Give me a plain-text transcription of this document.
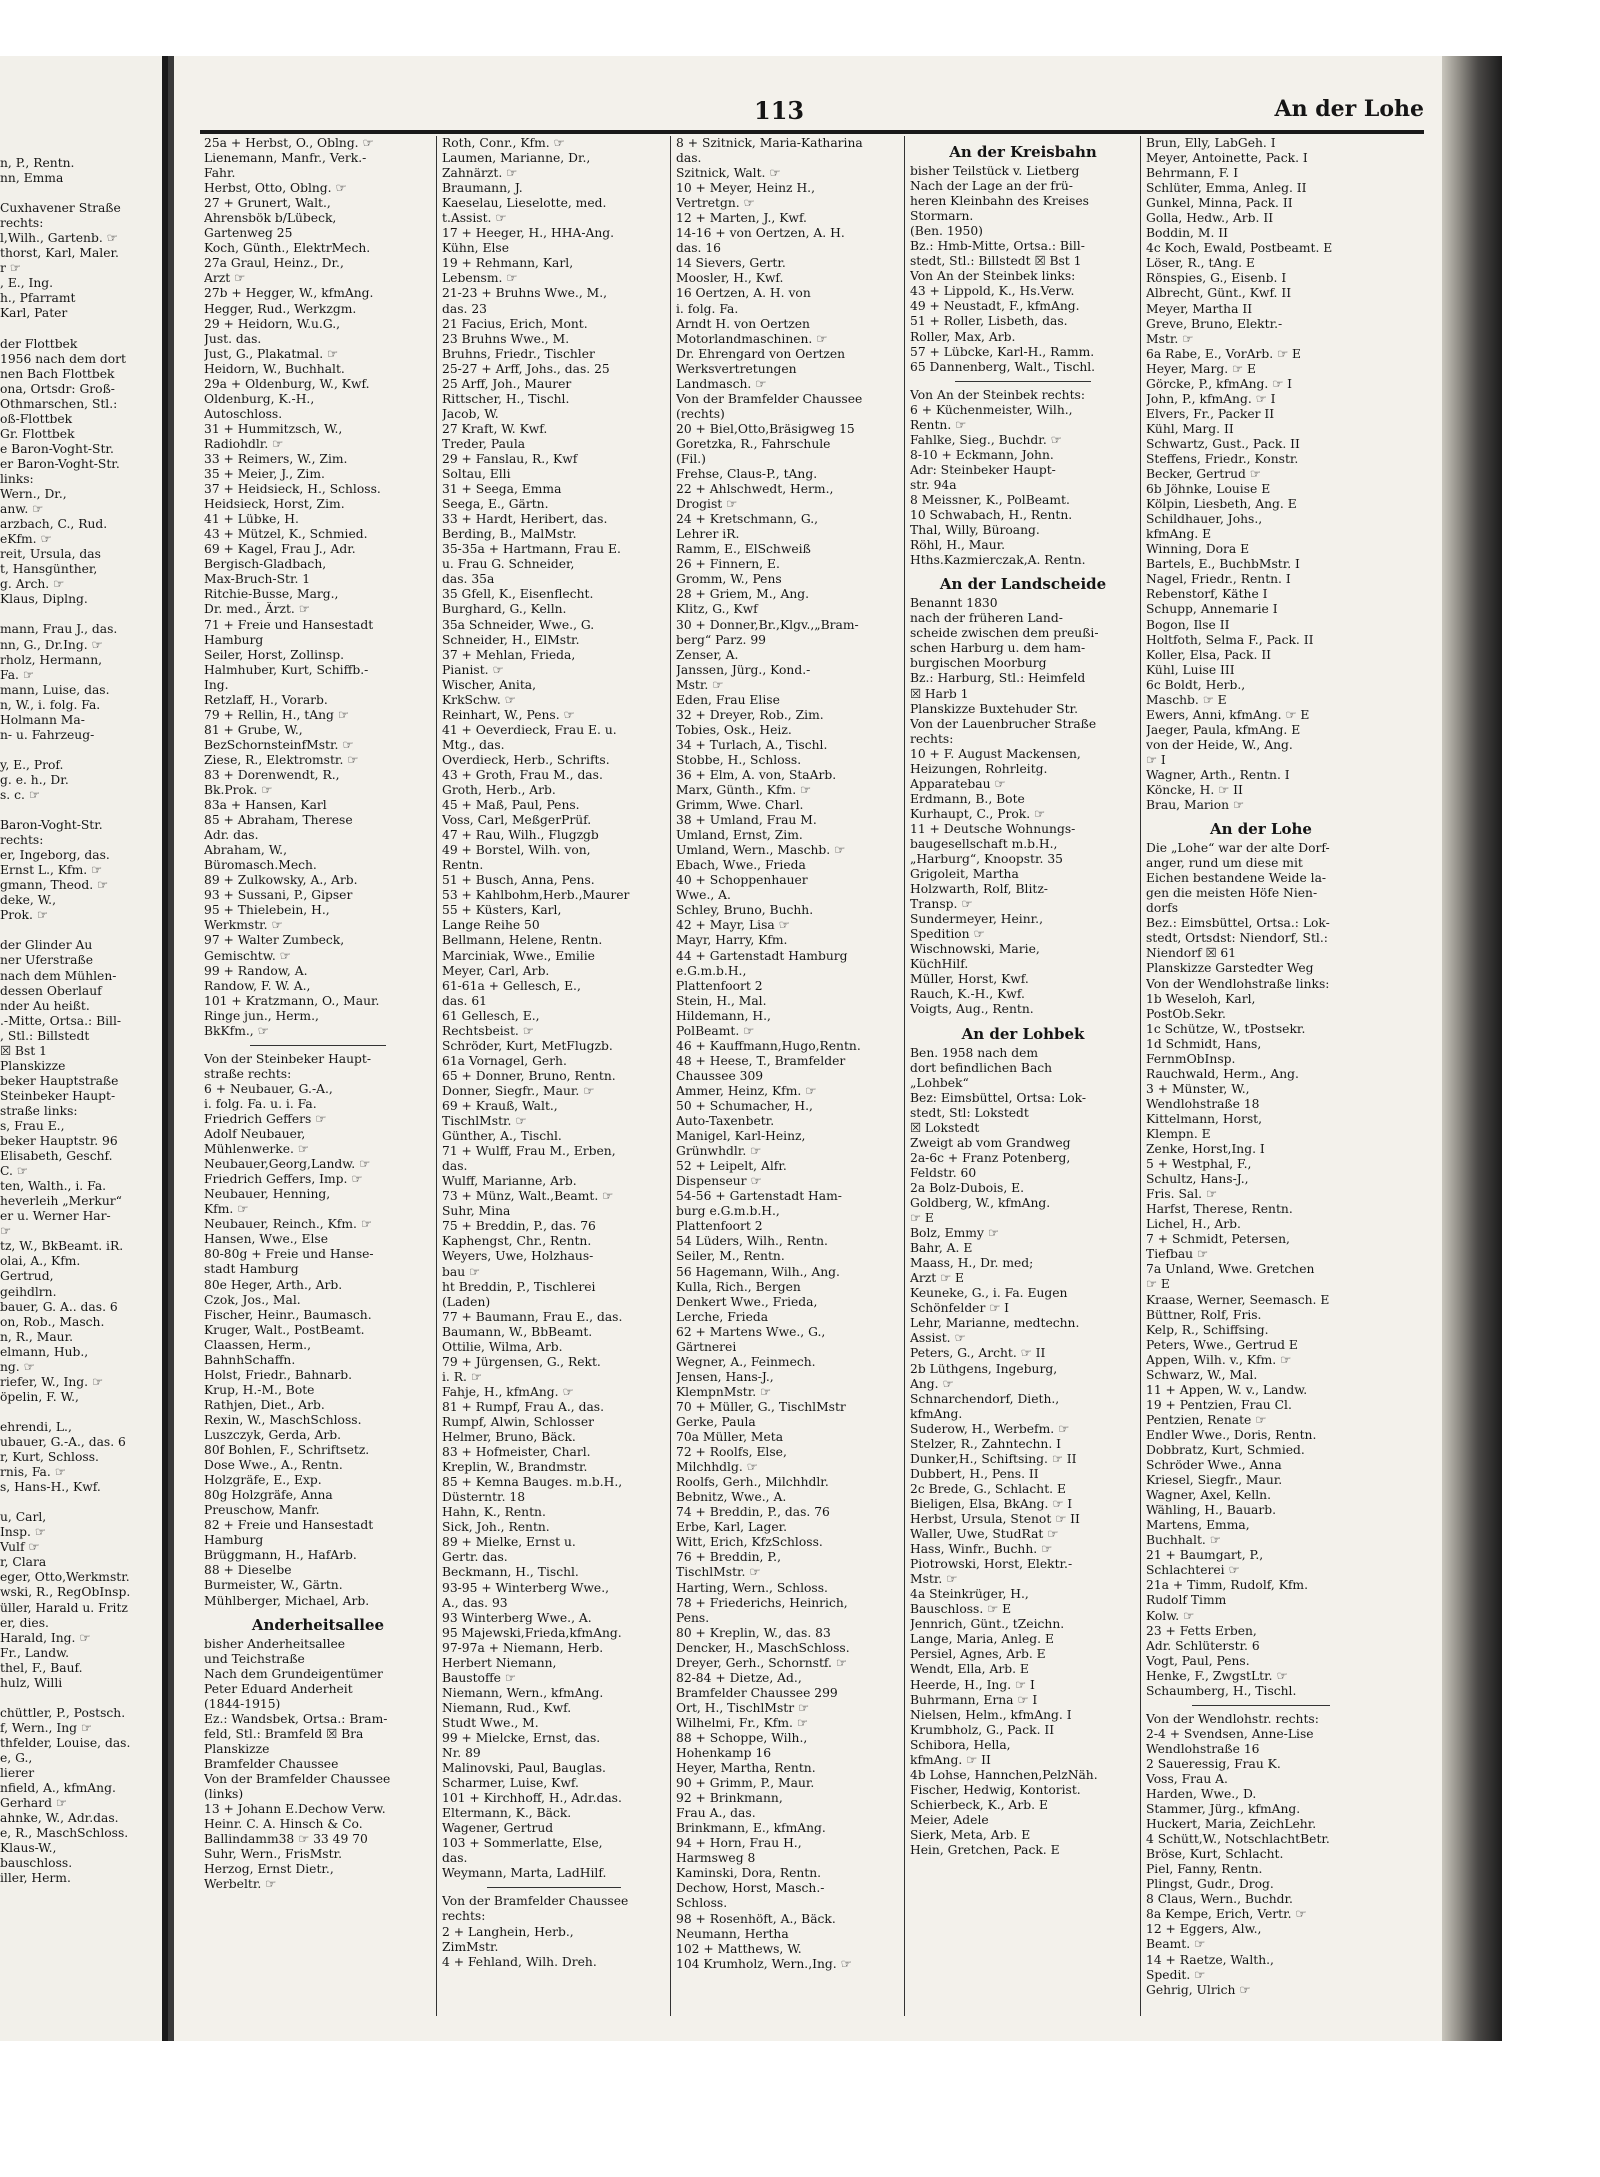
n, P., Rentn.
nn, Emma

Cuxhavener Straße
rechts:
l,Wilh., Gartenb. ☞
thorst, Karl, Maler.
r ☞
, E., Ing.
h., Pfarramt
Karl, Pater

der Flottbek
1956 nach dem dort
nen Bach Flottbek
ona, Ortsdr: Groß-
Othmarschen, Stl.:
oß-Flottbek
Gr. Flottbek
e Baron-Voght-Str.
er Baron-Voght-Str.
links:
Wern., Dr.,
anw. ☞
arzbach, C., Rud.
eKfm. ☞
reit, Ursula, das
t, Hansgünther,
g. Arch. ☞
Klaus, Diplng.

mann, Frau J., das.
nn, G., Dr.Ing. ☞
rholz, Hermann,
Fa. ☞
mann, Luise, das.
n, W., i. folg. Fa.
Holmann Ma-
n- u. Fahrzeug-

y, E., Prof.
g. e. h., Dr.
s. c. ☞

Baron-Voght-Str.
rechts:
er, Ingeborg, das.
Ernst L., Kfm. ☞
gmann, Theod. ☞
deke, W.,
Prok. ☞

der Glinder Au
ner Uferstraße
nach dem Mühlen-
dessen Oberlauf
nder Au heißt.
.-Mitte, Ortsa.: Bill-
, Stl.: Billstedt
☒ Bst 1
Planskizze
beker Hauptstraße
Steinbeker Haupt-
straße links:
s, Frau E.,
beker Hauptstr. 96
Elisabeth, Geschf.
C. ☞
ten, Walth., i. Fa.
heverleih „Merkur“
er u. Werner Har-
☞
tz, W., BkBeamt. iR.
olai, A., Kfm.
Gertrud,
geihdlrn.
bauer, G. A.. das. 6
on, Rob., Masch.
n, R., Maur.
elmann, Hub.,
ng. ☞
riefer, W., Ing. ☞
öpelin, F. W.,

ehrendi, L.,
ubauer, G.-A., das. 6
r, Kurt, Schloss.
rnis, Fa. ☞
s, Hans-H., Kwf.

u, Carl,
Insp. ☞
Vulf ☞
r, Clara
eger, Otto,Werkmstr.
wski, R., RegObInsp.
üller, Harald u. Fritz
er, dies.
Harald, Ing. ☞
Fr., Landw.
thel, F., Bauf.
hulz, Willi

chüttler, P., Postsch.
f, Wern., Ing ☞
thfelder, Louise, das.
e, G.,
lierer
nfield, A., kfmAng.
Gerhard ☞
ahnke, W., Adr.das.
e, R., MaschSchloss.
Klaus-W.,
bauschloss.
iller, Herm.
113	An der Lohe
25a + Herbst, O., Oblng. ☞
Lienemann, Manfr., Verk.-
Fahr.
Herbst, Otto, Oblng. ☞
27 + Grunert, Walt.,
Ahrensbök b/Lübeck,
Gartenweg 25
Koch, Günth., ElektrMech.
27a Graul, Heinz., Dr.,
Arzt ☞
27b + Hegger, W., kfmAng.
Hegger, Rud., Werkzgm.
29 + Heidorn, W.u.G.,
Just. das.
Just, G., Plakatmal. ☞
Heidorn, W., Buchhalt.
29a + Oldenburg, W., Kwf.
Oldenburg, K.-H.,
Autoschloss.
31 + Hummitzsch, W.,
Radiohdlr. ☞
33 + Reimers, W., Zim.
35 + Meier, J., Zim.
37 + Heidsieck, H., Schloss.
Heidsieck, Horst, Zim.
41 + Lübke, H.
43 + Mützel, K., Schmied.
69 + Kagel, Frau J., Adr.
Bergisch-Gladbach,
Max-Bruch-Str. 1
Ritchie-Busse, Marg.,
Dr. med., Ärzt. ☞
71 + Freie und Hansestadt
Hamburg
Seiler, Horst, Zollinsp.
Halmhuber, Kurt, Schiffb.-
Ing.
Retzlaff, H., Vorarb.
79 + Rellin, H., tAng ☞
81 + Grube, W.,
BezSchornsteinfMstr. ☞
Ziese, R., Elektromstr. ☞
83 + Dorenwendt, R.,
Bk.Prok. ☞
83a + Hansen, Karl
85 + Abraham, Therese
Adr. das.
Abraham, W.,
Büromasch.Mech.
89 + Zulkowsky, A., Arb.
93 + Sussani, P., Gipser
95 + Thielebein, H.,
Werkmstr. ☞
97 + Walter Zumbeck,
Gemischtw. ☞
99 + Randow, A.
Randow, F. W. A.,
101 + Kratzmann, O., Maur.
Ringe jun., Herm.,
BkKfm., ☞
Von der Steinbeker Haupt-
straße rechts:
6 + Neubauer, G.-A.,
i. folg. Fa. u. i. Fa.
Friedrich Geffers ☞
Adolf Neubauer,
Mühlenwerke. ☞
Neubauer,Georg,Landw. ☞
Friedrich Geffers, Imp. ☞
Neubauer, Henning,
Kfm. ☞
Neubauer, Reinch., Kfm. ☞
Hansen, Wwe., Else
80-80g + Freie und Hanse-
stadt Hamburg
80e Heger, Arth., Arb.
Czok, Jos., Mal.
Fischer, Heinr., Baumasch.
Kruger, Walt., PostBeamt.
Claassen, Herm.,
BahnhSchaffn.
Holst, Friedr., Bahnarb.
Krup, H.-M., Bote
Rathjen, Diet., Arb.
Rexin, W., MaschSchloss.
Luszczyk, Gerda, Arb.
80f Bohlen, F., Schriftsetz.
Dose Wwe., A., Rentn.
Holzgräfe, E., Exp.
80g Holzgräfe, Anna
Preuschow, Manfr.
82 + Freie und Hansestadt
Hamburg
Brüggmann, H., HafArb.
88 + Dieselbe
Burmeister, W., Gärtn.
Mühlberger, Michael, Arb.
Anderheitsallee
bisher Anderheitsallee
und Teichstraße
Nach dem Grundeigentümer
Peter Eduard Anderheit
(1844-1915)
Ez.: Wandsbek, Ortsa.: Bram-
feld, Stl.: Bramfeld ☒ Bra
Planskizze
Bramfelder Chaussee
Von der Bramfelder Chaussee
(links)
13 + Johann E.Dechow Verw.
Heinr. C. A. Hinsch & Co.
Ballindamm38 ☞ 33 49 70
Suhr, Wern., FrisMstr.
Herzog, Ernst Dietr.,
Werbeltr. ☞
Roth, Conr., Kfm. ☞
Laumen, Marianne, Dr.,
Zahnärzt. ☞
Braumann, J.
Kaeselau, Lieselotte, med.
t.Assist. ☞
17 + Heeger, H., HHA-Ang.
Kühn, Else
19 + Rehmann, Karl,
Lebensm. ☞
21-23 + Bruhns Wwe., M.,
das. 23
21 Facius, Erich, Mont.
23 Bruhns Wwe., M.
Bruhns, Friedr., Tischler
25-27 + Arff, Johs., das. 25
25 Arff, Joh., Maurer
Rittscher, H., Tischl.
Jacob, W.
27 Kraft, W. Kwf.
Treder, Paula
29 + Fanslau, R., Kwf
Soltau, Elli
31 + Seega, Emma
Seega, E., Gärtn.
33 + Hardt, Heribert, das.
Berding, B., MalMstr.
35-35a + Hartmann, Frau E.
u. Frau G. Schneider,
das. 35a
35 Gfell, K., Eisenflecht.
Burghard, G., Kelln.
35a Schneider, Wwe., G.
Schneider, H., ElMstr.
37 + Mehlan, Frieda,
Pianist. ☞
Wischer, Anita,
KrkSchw. ☞
Reinhart, W., Pens. ☞
41 + Oeverdieck, Frau E. u.
Mtg., das.
Overdieck, Herb., Schrifts.
43 + Groth, Frau M., das.
Groth, Herb., Arb.
45 + Maß, Paul, Pens.
Voss, Carl, MeßgerPrüf.
47 + Rau, Wilh., Flugzgb
49 + Borstel, Wilh. von,
Rentn.
51 + Busch, Anna, Pens.
53 + Kahlbohm,Herb.,Maurer
55 + Küsters, Karl,
Lange Reihe 50
Bellmann, Helene, Rentn.
Marciniak, Wwe., Emilie
Meyer, Carl, Arb.
61-61a + Gellesch, E.,
das. 61
61 Gellesch, E.,
Rechtsbeist. ☞
Schröder, Kurt, MetFlugzb.
61a Vornagel, Gerh.
65 + Donner, Bruno, Rentn.
Donner, Siegfr., Maur. ☞
69 + Krauß, Walt.,
TischlMstr. ☞
Günther, A., Tischl.
71 + Wulff, Frau M., Erben,
das.
Wulff, Marianne, Arb.
73 + Münz, Walt.,Beamt. ☞
Suhr, Mina
75 + Breddin, P., das. 76
Kaphengst, Chr., Rentn.
Weyers, Uwe, Holzhaus-
bau ☞
ht Breddin, P., Tischlerei
(Laden)
77 + Baumann, Frau E., das.
Baumann, W., BbBeamt.
Ottilie, Wilma, Arb.
79 + Jürgensen, G., Rekt.
i. R. ☞
Fahje, H., kfmAng. ☞
81 + Rumpf, Frau A., das.
Rumpf, Alwin, Schlosser
Helmer, Bruno, Bäck.
83 + Hofmeister, Charl.
Kreplin, W., Brandmstr.
85 + Kemna Bauges. m.b.H.,
Düsterntr. 18
Hahn, K., Rentn.
Sick, Joh., Rentn.
89 + Mielke, Ernst u.
Gertr. das.
Beckmann, H., Tischl.
93-95 + Winterberg Wwe.,
A., das. 93
93 Winterberg Wwe., A.
95 Majewski,Frieda,kfmAng.
97-97a + Niemann, Herb.
Herbert Niemann,
Baustoffe ☞
Niemann, Wern., kfmAng.
Niemann, Rud., Kwf.
Studt Wwe., M.
99 + Mielcke, Ernst, das.
Nr. 89
Malinovski, Paul, Bauglas.
Scharmer, Luise, Kwf.
101 + Kirchhoff, H., Adr.das.
Eltermann, K., Bäck.
Wagener, Gertrud
103 + Sommerlatte, Else,
das.
Weymann, Marta, LadHilf.
Von der Bramfelder Chaussee
rechts:
2 + Langhein, Herb.,
ZimMstr.
4 + Fehland, Wilh. Dreh.
8 + Szitnick, Maria-Katharina
das.
Szitnick, Walt. ☞
10 + Meyer, Heinz H.,
Vertretgn. ☞
12 + Marten, J., Kwf.
14-16 + von Oertzen, A. H.
das. 16
14 Sievers, Gertr.
Moosler, H., Kwf.
16 Oertzen, A. H. von
i. folg. Fa.
Arndt H. von Oertzen
Motorlandmaschinen. ☞
Dr. Ehrengard von Oertzen
Werksvertretungen
Landmasch. ☞
Von der Bramfelder Chaussee
(rechts)
20 + Biel,Otto,Bräsigweg 15
Goretzka, R., Fahrschule
(Fil.)
Frehse, Claus-P., tAng.
22 + Ahlschwedt, Herm.,
Drogist ☞
24 + Kretschmann, G.,
Lehrer iR.
Ramm, E., ElSchweiß
26 + Finnern, E.
Gromm, W., Pens
28 + Griem, M., Ang.
Klitz, G., Kwf
30 + Donner,Br.,Klgv.,„Bram-
berg“ Parz. 99
Zenser, A.
Janssen, Jürg., Kond.-
Mstr. ☞
Eden, Frau Elise
32 + Dreyer, Rob., Zim.
Tobies, Osk., Heiz.
34 + Turlach, A., Tischl.
Stobbe, H., Schloss.
36 + Elm, A. von, StaArb.
Marx, Günth., Kfm. ☞
Grimm, Wwe. Charl.
38 + Umland, Frau M.
Umland, Ernst, Zim.
Umland, Wern., Maschb. ☞
Ebach, Wwe., Frieda
40 + Schoppenhauer
Wwe., A.
Schley, Bruno, Buchh.
42 + Mayr, Lisa ☞
Mayr, Harry, Kfm.
44 + Gartenstadt Hamburg
e.G.m.b.H.,
Plattenfoort 2
Stein, H., Mal.
Hildemann, H.,
PolBeamt. ☞
46 + Kauffmann,Hugo,Rentn.
48 + Heese, T., Bramfelder
Chaussee 309
Ammer, Heinz, Kfm. ☞
50 + Schumacher, H.,
Auto-Taxenbetr.
Manigel, Karl-Heinz,
Grünwhdlr. ☞
52 + Leipelt, Alfr.
Dispenseur ☞
54-56 + Gartenstadt Ham-
burg e.G.m.b.H.,
Plattenfoort 2
54 Lüders, Wilh., Rentn.
Seiler, M., Rentn.
56 Hagemann, Wilh., Ang.
Kulla, Rich., Bergen
Denkert Wwe., Frieda,
Lerche, Frieda
62 + Martens Wwe., G.,
Gärtnerei
Wegner, A., Feinmech.
Jensen, Hans-J.,
KlempnMstr. ☞
70 + Müller, G., TischlMstr
Gerke, Paula
70a Müller, Meta
72 + Roolfs, Else,
Milchhdlg. ☞
Roolfs, Gerh., Milchhdlr.
Bebnitz, Wwe., A.
74 + Breddin, P., das. 76
Erbe, Karl, Lager.
Witt, Erich, KfzSchloss.
76 + Breddin, P.,
TischlMstr. ☞
Harting, Wern., Schloss.
78 + Friederichs, Heinrich,
Pens.
80 + Kreplin, W., das. 83
Dencker, H., MaschSchloss.
Dreyer, Gerh., Schornstf. ☞
82-84 + Dietze, Ad.,
Bramfelder Chaussee 299
Ort, H., TischlMstr ☞
Wilhelmi, Fr., Kfm. ☞
88 + Schoppe, Wilh.,
Hohenkamp 16
Heyer, Martha, Rentn.
90 + Grimm, P., Maur.
92 + Brinkmann,
Frau A., das.
Brinkmann, E., kfmAng.
94 + Horn, Frau H.,
Harmsweg 8
Kaminski, Dora, Rentn.
Dechow, Horst, Masch.-
Schloss.
98 + Rosenhöft, A., Bäck.
Neumann, Hertha
102 + Matthews, W.
104 Krumholz, Wern.,Ing. ☞
An der Kreisbahn
bisher Teilstück v. Lietberg
Nach der Lage an der frü-
heren Kleinbahn des Kreises
Stormarn.
(Ben. 1950)
Bz.: Hmb-Mitte, Ortsa.: Bill-
stedt, Stl.: Billstedt ☒ Bst 1
Von An der Steinbek links:
43 + Lippold, K., Hs.Verw.
49 + Neustadt, F., kfmAng.
51 + Roller, Lisbeth, das.
Roller, Max, Arb.
57 + Lübcke, Karl-H., Ramm.
65 Dannenberg, Walt., Tischl.
Von An der Steinbek rechts:
6 + Küchenmeister, Wilh.,
Rentn. ☞
Fahlke, Sieg., Buchdr. ☞
8-10 + Eckmann, John.
Adr: Steinbeker Haupt-
str. 94a
8 Meissner, K., PolBeamt.
10 Schwabach, H., Rentn.
Thal, Willy, Büroang.
Röhl, H., Maur.
Hths.Kazmierczak,A. Rentn.
An der Landscheide
Benannt 1830
nach der früheren Land-
scheide zwischen dem preußi-
schen Harburg u. dem ham-
burgischen Moorburg
Bz.: Harburg, Stl.: Heimfeld
☒ Harb 1
Planskizze Buxtehuder Str.
Von der Lauenbrucher Straße
rechts:
10 + F. August Mackensen,
Heizungen, Rohrleitg.
Apparatebau ☞
Erdmann, B., Bote
Kurhaupt, C., Prok. ☞
11 + Deutsche Wohnungs-
baugesellschaft m.b.H.,
„Harburg“, Knoopstr. 35
Grigoleit, Martha
Holzwarth, Rolf, Blitz-
Transp. ☞
Sundermeyer, Heinr.,
Spedition ☞
Wischnowski, Marie,
KüchHilf.
Müller, Horst, Kwf.
Rauch, K.-H., Kwf.
Voigts, Aug., Rentn.
An der Lohbek
Ben. 1958 nach dem
dort befindlichen Bach
„Lohbek“
Bez: Eimsbüttel, Ortsa: Lok-
stedt, Stl: Lokstedt
☒ Lokstedt
Zweigt ab vom Grandweg
2a-6c + Franz Potenberg,
Feldstr. 60
2a Bolz-Dubois, E.
Goldberg, W., kfmAng.
☞ E
Bolz, Emmy ☞
Bahr, A. E
Maass, H., Dr. med;
Arzt ☞ E
Keuneke, G., i. Fa. Eugen
Schönfelder ☞ I
Lehr, Marianne, medtechn.
Assist. ☞
Peters, G., Archt. ☞ II
2b Lüthgens, Ingeburg,
Ang. ☞
Schnarchendorf, Dieth.,
kfmAng.
Suderow, H., Werbefm. ☞
Stelzer, R., Zahntechn. I
Dunker,H., Schiftsing. ☞ II
Dubbert, H., Pens. II
2c Brede, G., Schlacht. E
Bieligen, Elsa, BkAng. ☞ I
Herbst, Ursula, Stenot ☞ II
Waller, Uwe, StudRat ☞
Hass, Winfr., Buchh. ☞
Piotrowski, Horst, Elektr.-
Mstr. ☞
4a Steinkrüger, H.,
Bauschloss. ☞ E
Jennrich, Günt., tZeichn.
Lange, Maria, Anleg. E
Persiel, Agnes, Arb. E
Wendt, Ella, Arb. E
Heerde, H., Ing. ☞ I
Buhrmann, Erna ☞ I
Nielsen, Helm., kfmAng. I
Krumbholz, G., Pack. II
Schibora, Hella,
kfmAng. ☞ II
4b Lohse, Hannchen,PelzNäh.
Fischer, Hedwig, Kontorist.
Schierbeck, K., Arb. E
Meier, Adele
Sierk, Meta, Arb. E
Hein, Gretchen, Pack. E
Brun, Elly, LabGeh. I
Meyer, Antoinette, Pack. I
Behrmann, F. I
Schlüter, Emma, Anleg. II
Gunkel, Minna, Pack. II
Golla, Hedw., Arb. II
Boddin, M. II
4c Koch, Ewald, Postbeamt. E
Löser, R., tAng. E
Rönspies, G., Eisenb. I
Albrecht, Günt., Kwf. II
Meyer, Martha II
Greve, Bruno, Elektr.-
Mstr. ☞
6a Rabe, E., VorArb. ☞ E
Heyer, Marg. ☞ E
Görcke, P., kfmAng. ☞ I
John, P., kfmAng. ☞ I
Elvers, Fr., Packer II
Kühl, Marg. II
Schwartz, Gust., Pack. II
Steffens, Friedr., Konstr.
Becker, Gertrud ☞
6b Jöhnke, Louise E
Kölpin, Liesbeth, Ang. E
Schildhauer, Johs.,
kfmAng. E
Winning, Dora E
Bartels, E., BuchbMstr. I
Nagel, Friedr., Rentn. I
Rebenstorf, Käthe I
Schupp, Annemarie I
Bogon, Ilse II
Holtfoth, Selma F., Pack. II
Koller, Elsa, Pack. II
Kühl, Luise III
6c Boldt, Herb.,
Maschb. ☞ E
Ewers, Anni, kfmAng. ☞ E
Jaeger, Paula, kfmAng. E
von der Heide, W., Ang.
☞ I
Wagner, Arth., Rentn. I
Köncke, H. ☞ II
Brau, Marion ☞
An der Lohe
Die „Lohe“ war der alte Dorf-
anger, rund um diese mit
Eichen bestandene Weide la-
gen die meisten Höfe Nien-
dorfs
Bez.: Eimsbüttel, Ortsa.: Lok-
stedt, Ortsdst: Niendorf, Stl.:
Niendorf ☒ 61
Planskizze Garstedter Weg
Von der Wendlohstraße links:
1b Weseloh, Karl,
PostOb.Sekr.
1c Schütze, W., tPostsekr.
1d Schmidt, Hans,
FernmObInsp.
Rauchwald, Herm., Ang.
3 + Münster, W.,
Wendlohstraße 18
Kittelmann, Horst,
Klempn. E
Zenke, Horst,Ing. I
5 + Westphal, F.,
Schultz, Hans-J.,
Fris. Sal. ☞
Harfst, Therese, Rentn.
Lichel, H., Arb.
7 + Schmidt, Petersen,
Tiefbau ☞
7a Unland, Wwe. Gretchen
☞ E
Kraase, Werner, Seemasch. E
Büttner, Rolf, Fris.
Kelp, R., Schiffsing.
Peters, Wwe., Gertrud E
Appen, Wilh. v., Kfm. ☞
Schwarz, W., Mal.
11 + Appen, W. v., Landw.
19 + Pentzien, Frau Cl.
Pentzien, Renate ☞
Endler Wwe., Doris, Rentn.
Dobbratz, Kurt, Schmied.
Schröder Wwe., Anna
Kriesel, Siegfr., Maur.
Wagner, Axel, Kelln.
Wähling, H., Bauarb.
Martens, Emma,
Buchhalt. ☞
21 + Baumgart, P.,
Schlachterei ☞
21a + Timm, Rudolf, Kfm.
Rudolf Timm
Kolw. ☞
23 + Fetts Erben,
Adr. Schlüterstr. 6
Vogt, Paul, Pens.
Henke, F., ZwgstLtr. ☞
Schaumberg, H., Tischl.
Von der Wendlohstr. rechts:
2-4 + Svendsen, Anne-Lise
Wendlohstraße 16
2 Saueressig, Frau K.
Voss, Frau A.
Harden, Wwe., D.
Stammer, Jürg., kfmAng.
Huckert, Maria, ZeichLehr.
4 Schütt,W., NotschlachtBetr.
Bröse, Kurt, Schlacht.
Piel, Fanny, Rentn.
Plingst, Gudr., Drog.
8 Claus, Wern., Buchdr.
8a Kempe, Erich, Vertr. ☞
12 + Eggers, Alw.,
Beamt. ☞
14 + Raetze, Walth.,
Spedit. ☞
Gehrig, Ulrich ☞
